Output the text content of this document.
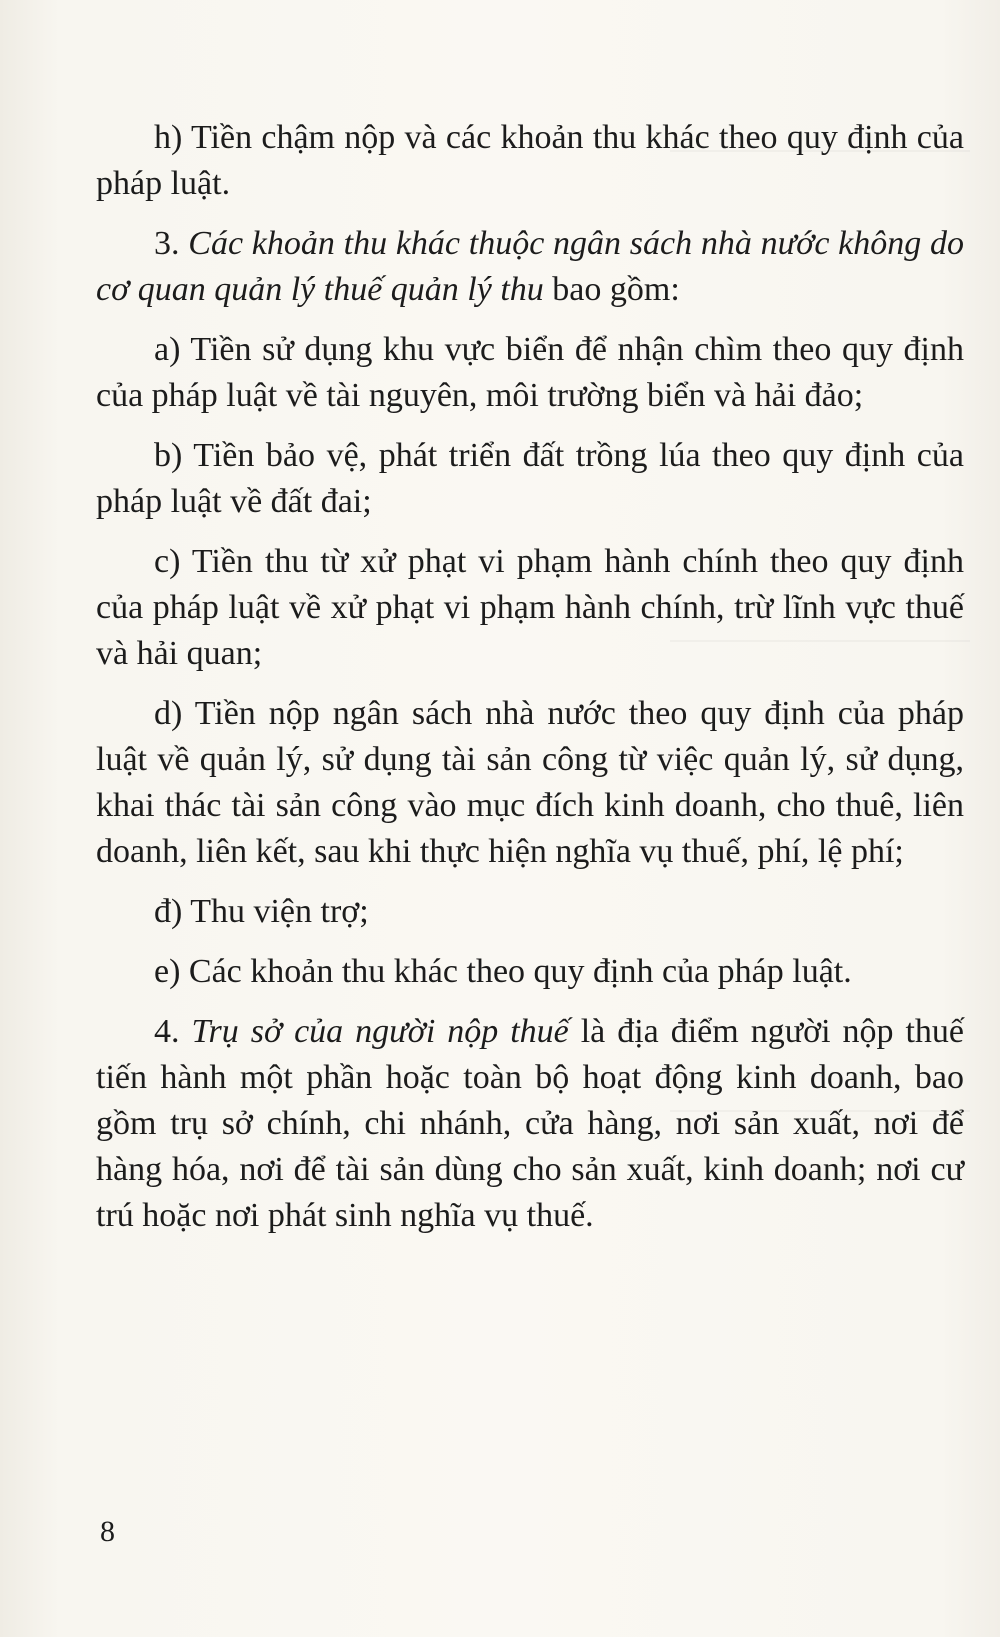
h) Tiền chậm nộp và các khoản thu khác theo quy định của pháp luật.

3. Các khoản thu khác thuộc ngân sách nhà nước không do cơ quan quản lý thuế quản lý thu bao gồm:

a) Tiền sử dụng khu vực biển để nhận chìm theo quy định của pháp luật về tài nguyên, môi trường biển và hải đảo;

b) Tiền bảo vệ, phát triển đất trồng lúa theo quy định của pháp luật về đất đai;

c) Tiền thu từ xử phạt vi phạm hành chính theo quy định của pháp luật về xử phạt vi phạm hành chính, trừ lĩnh vực thuế và hải quan;

d) Tiền nộp ngân sách nhà nước theo quy định của pháp luật về quản lý, sử dụng tài sản công từ việc quản lý, sử dụng, khai thác tài sản công vào mục đích kinh doanh, cho thuê, liên doanh, liên kết, sau khi thực hiện nghĩa vụ thuế, phí, lệ phí;

đ) Thu viện trợ;

e) Các khoản thu khác theo quy định của pháp luật.

4. Trụ sở của người nộp thuế là địa điểm người nộp thuế tiến hành một phần hoặc toàn bộ hoạt động kinh doanh, bao gồm trụ sở chính, chi nhánh, cửa hàng, nơi sản xuất, nơi để hàng hóa, nơi để tài sản dùng cho sản xuất, kinh doanh; nơi cư trú hoặc nơi phát sinh nghĩa vụ thuế.

8
